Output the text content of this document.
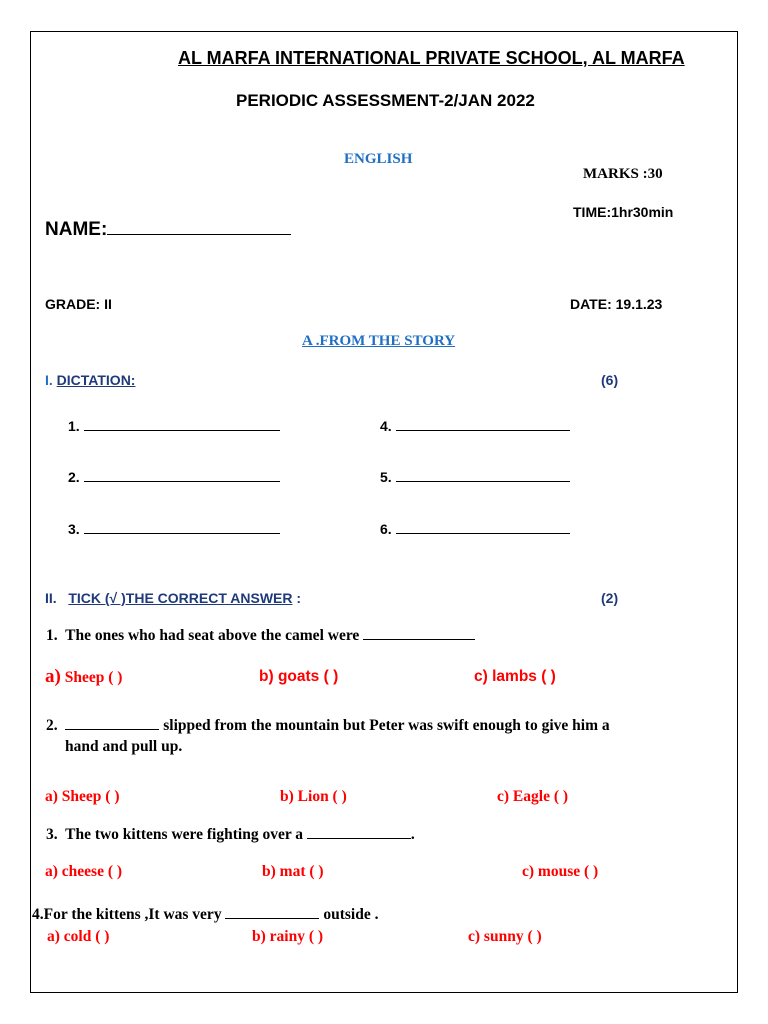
AL MARFA INTERNATIONAL PRIVATE SCHOOL, AL MARFA
PERIODIC ASSESSMENT-2/JAN 2022
ENGLISH
MARKS :30
TIME:1hr30min
NAME:
GRADE: II	DATE: 19.1.23
A .FROM THE STORY
I. DICTATION:	(6)
1.
2.
3.
4.
5.
6.
II. TICK (√ )THE CORRECT ANSWER :	(2)
1. The ones who had seat above the camel were
a) Sheep ( )	b) goats ( )	c) lambs ( )
2.	slipped from the mountain but Peter was swift enough to give him a
hand and pull up.
a) Sheep ( )	b) Lion ( )	c) Eagle ( )
3. The two kittens were fighting over a	.
a) cheese ( )	b) mat ( )	c) mouse ( )
4.For the kittens ,It was very	outside .
a) cold ( )	b) rainy ( )	c) sunny ( )
